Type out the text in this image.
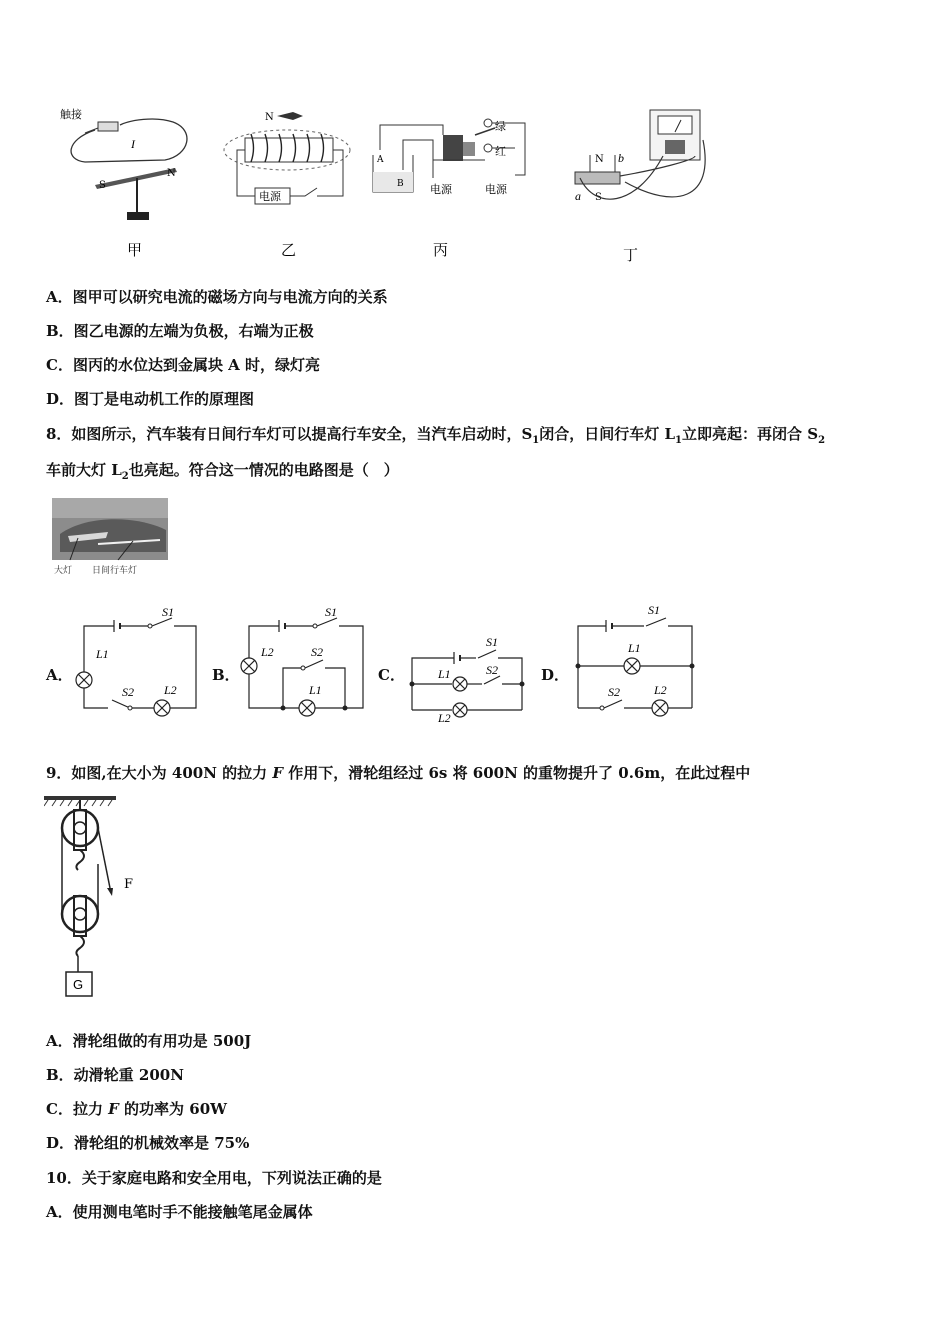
触接
I
S
N
甲
N
电源
乙
A
B
绿
红
电源	电源
丙
N
S
a
b
丁
A．图甲可以研究电流的磁场方向与电流方向的关系
B．图乙电源的左端为负极，右端为正极
C．图丙的水位达到金属块 A 时，绿灯亮
D．图丁是电动机工作的原理图
8．如图所示，汽车装有日间行车灯可以提高行车安全，当汽车启动时，$S_1$闭合，日间行车灯 $L_1$立即亮起：再闭合 $S_2$
车前大灯 $L_2$也亮起。符合这一情况的电路图是（　）
大灯 日间行车灯
A．	B．	C．	D．
S1
L1
S2	L2
S1
L2	S2
L1
S1
S2
L1
L2
S1
L1
S2	L2
9．如图,在大小为 400N 的拉力 F 作用下，滑轮组经过 6s 将 600N 的重物提升了 0.6m，在此过程中
F
G
A．滑轮组做的有用功是 500J
B．动滑轮重 200N
C．拉力 F 的功率为 60W
D．滑轮组的机械效率是 75%
10．关于家庭电路和安全用电，下列说法正确的是
A．使用测电笔时手不能接触笔尾金属体
